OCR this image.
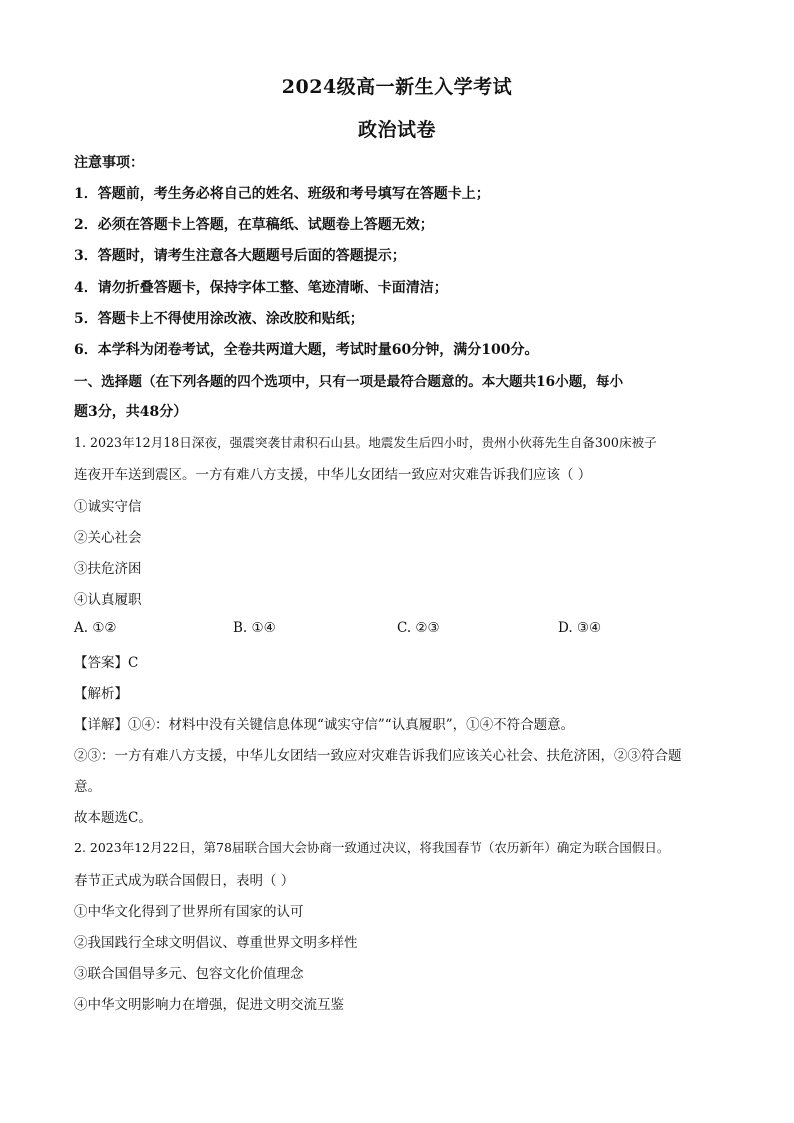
2024级高一新生入学考试
政治试卷
注意事项：
1．答题前，考生务必将自己的姓名、班级和考号填写在答题卡上；
2．必须在答题卡上答题，在草稿纸、试题卷上答题无效；
3．答题时，请考生注意各大题题号后面的答题提示；
4．请勿折叠答题卡，保持字体工整、笔迹清晰、卡面清洁；
5．答题卡上不得使用涂改液、涂改胶和贴纸；
6．本学科为闭卷考试，全卷共两道大题，考试时量60分钟，满分100分。
一、选择题（在下列各题的四个选项中，只有一项是最符合题意的。本大题共16小题，每小
题3分，共48分）
1. 2023年12月18日深夜，强震突袭甘肃积石山县。地震发生后四小时，贵州小伙蒋先生自备300床被子
连夜开车送到震区。一方有难八方支援，中华儿女团结一致应对灾难告诉我们应该（ ）
①诚实守信
②关心社会
③扶危济困
④认真履职
A. ①②	B. ①④	C. ②③	D. ③④
【答案】C
【解析】
【详解】①④：材料中没有关键信息体现“诚实守信”“认真履职”，①④不符合题意。
②③：一方有难八方支援，中华儿女团结一致应对灾难告诉我们应该关心社会、扶危济困，②③符合题
意。
故本题选C。
2. 2023年12月22日，第78届联合国大会协商一致通过决议，将我国春节（农历新年）确定为联合国假日。
春节正式成为联合国假日，表明（ ）
①中华文化得到了世界所有国家的认可
②我国践行全球文明倡议、尊重世界文明多样性
③联合国倡导多元、包容文化价值理念
④中华文明影响力在增强，促进文明交流互鉴
